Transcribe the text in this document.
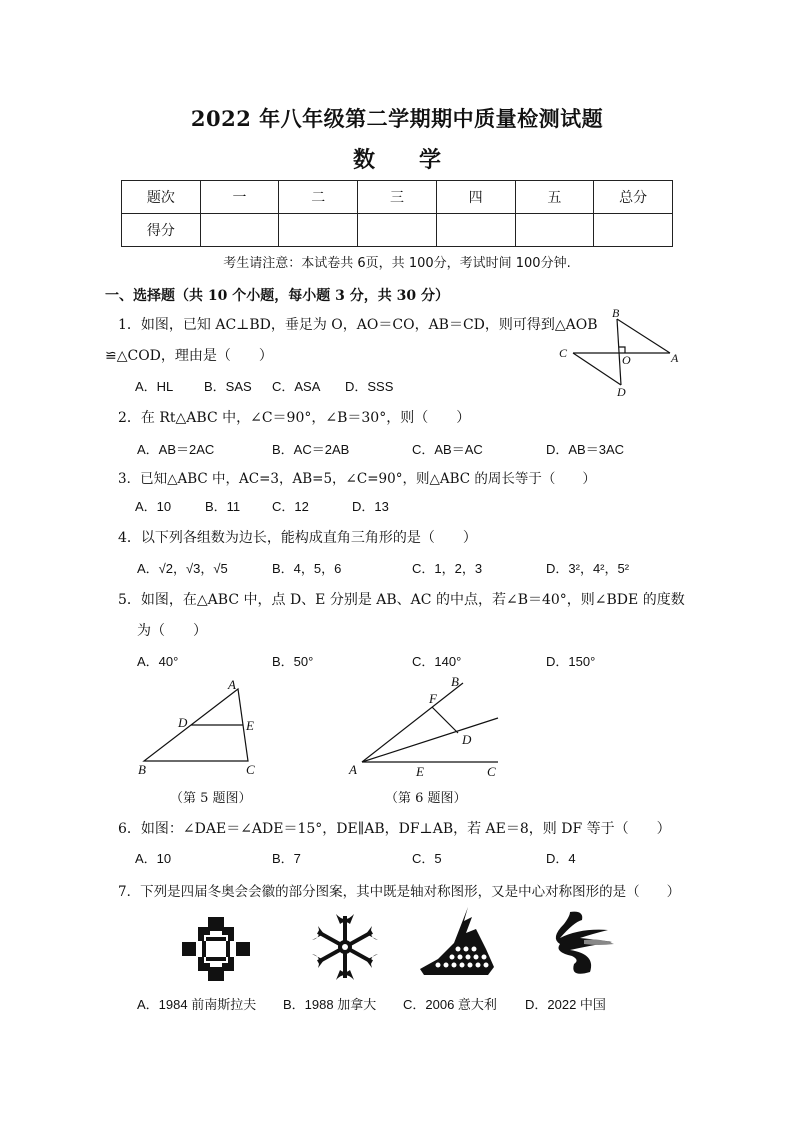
2022 年八年级第二学期期中质量检测试题
数　　学
题次	一	二	三	四	五	总分
得分						
考生请注意：本试卷共 6页，共 100分，考试时间 100分钟.
一、选择题（共 10 个小题，每小题 3 分，共 30 分）
1．如图，已知 AC⊥BD，垂足为 O，AO＝CO，AB＝CD，则可得到△AOB
≌△COD，理由是（　　）
A．HL B．SAS C．ASA D．SSS
B
C	O	A
D
2．在 Rt△ABC 中，∠C＝90°，∠B＝30°，则（　　）
A．AB＝2AC	B．AC＝2AB	C．AB＝AC	D．AB＝3AC
3．已知△ABC 中，AC=3，AB=5，∠C=90°，则△ABC 的周长等于（　　）
A．10	B．11 C．12	D．13
4．以下列各组数为边长，能构成直角三角形的是（　　）
A．√2，√3，√5	B．4，5，6	C．1，2，3	D．3²，4²，5²
5．如图，在△ABC 中，点 D、E 分别是 AB、AC 的中点，若∠B＝40°，则∠BDE 的度数
为（　　）
A．40°	B．50°	C．140°	D．150°
A
D	E
B	C
（第 5 题图）
B
F
D
A	E	C
（第 6 题图）
6．如图：∠DAE＝∠ADE＝15°，DE∥AB，DF⊥AB，若 AE＝8，则 DF 等于（　　）
A．10	B．7	C．5	D．4
7．下列是四届冬奥会会徽的部分图案，其中既是轴对称图形，又是中心对称图形的是（　　）
A．1984 前南斯拉夫 B．1988 加拿大 C．2006 意大利 D．2022 中国
